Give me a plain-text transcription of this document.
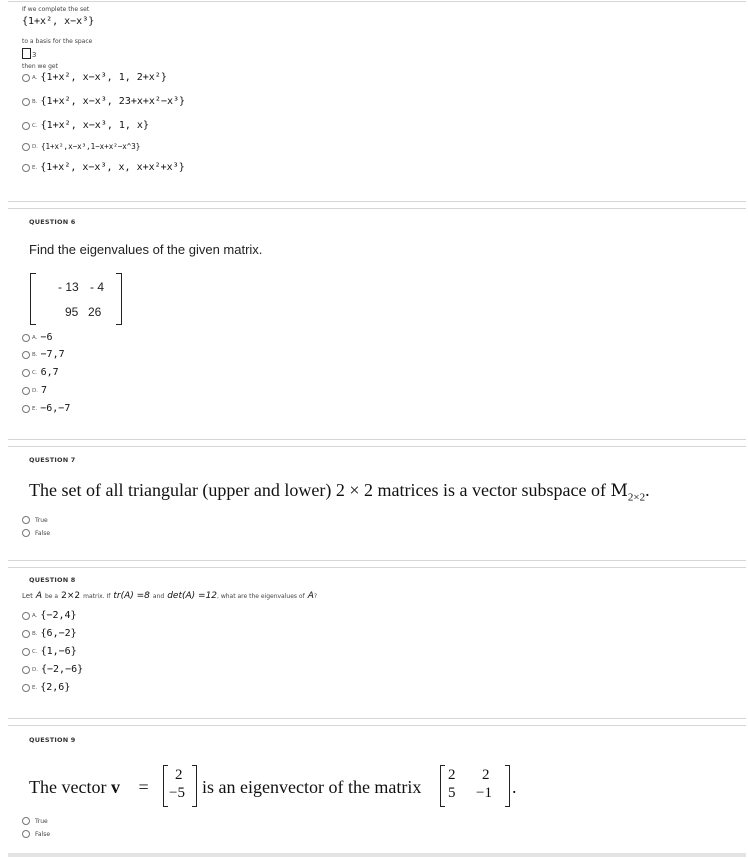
If we complete the set
{1+x², x−x³}
to a basis for the space
3
then we get
A. {1+x², x−x³, 1, 2+x²}
B. {1+x², x−x³, 23+x+x²−x³}
C. {1+x², x−x³, 1, x}
D. {1+x²,x−x³,1−x+x²−x^3}
E. {1+x², x−x³, x, x+x²+x³}
QUESTION 6
Find the eigenvalues of the given matrix.
- 13 - 4
95 26
A. −6
B. −7,7
C. 6,7
D. 7
E. −6,−7
QUESTION 7
The set of all triangular (upper and lower) 2 × 2 matrices is a vector subspace of $M_{2\times 2}$.
True
False
QUESTION 8
Let A be a 2×2 matrix. If tr(A) =8 and det(A) =12 , what are the eigenvalues of A ?
A. {−2,4}
B. {6,−2}
C. {1,−6}
D. {−2,−6}
E. {2,6}
QUESTION 9
The vector v⃗ =
2
−5 is an eigenvector of the matrix
2 2
5 −1 .
True
False
